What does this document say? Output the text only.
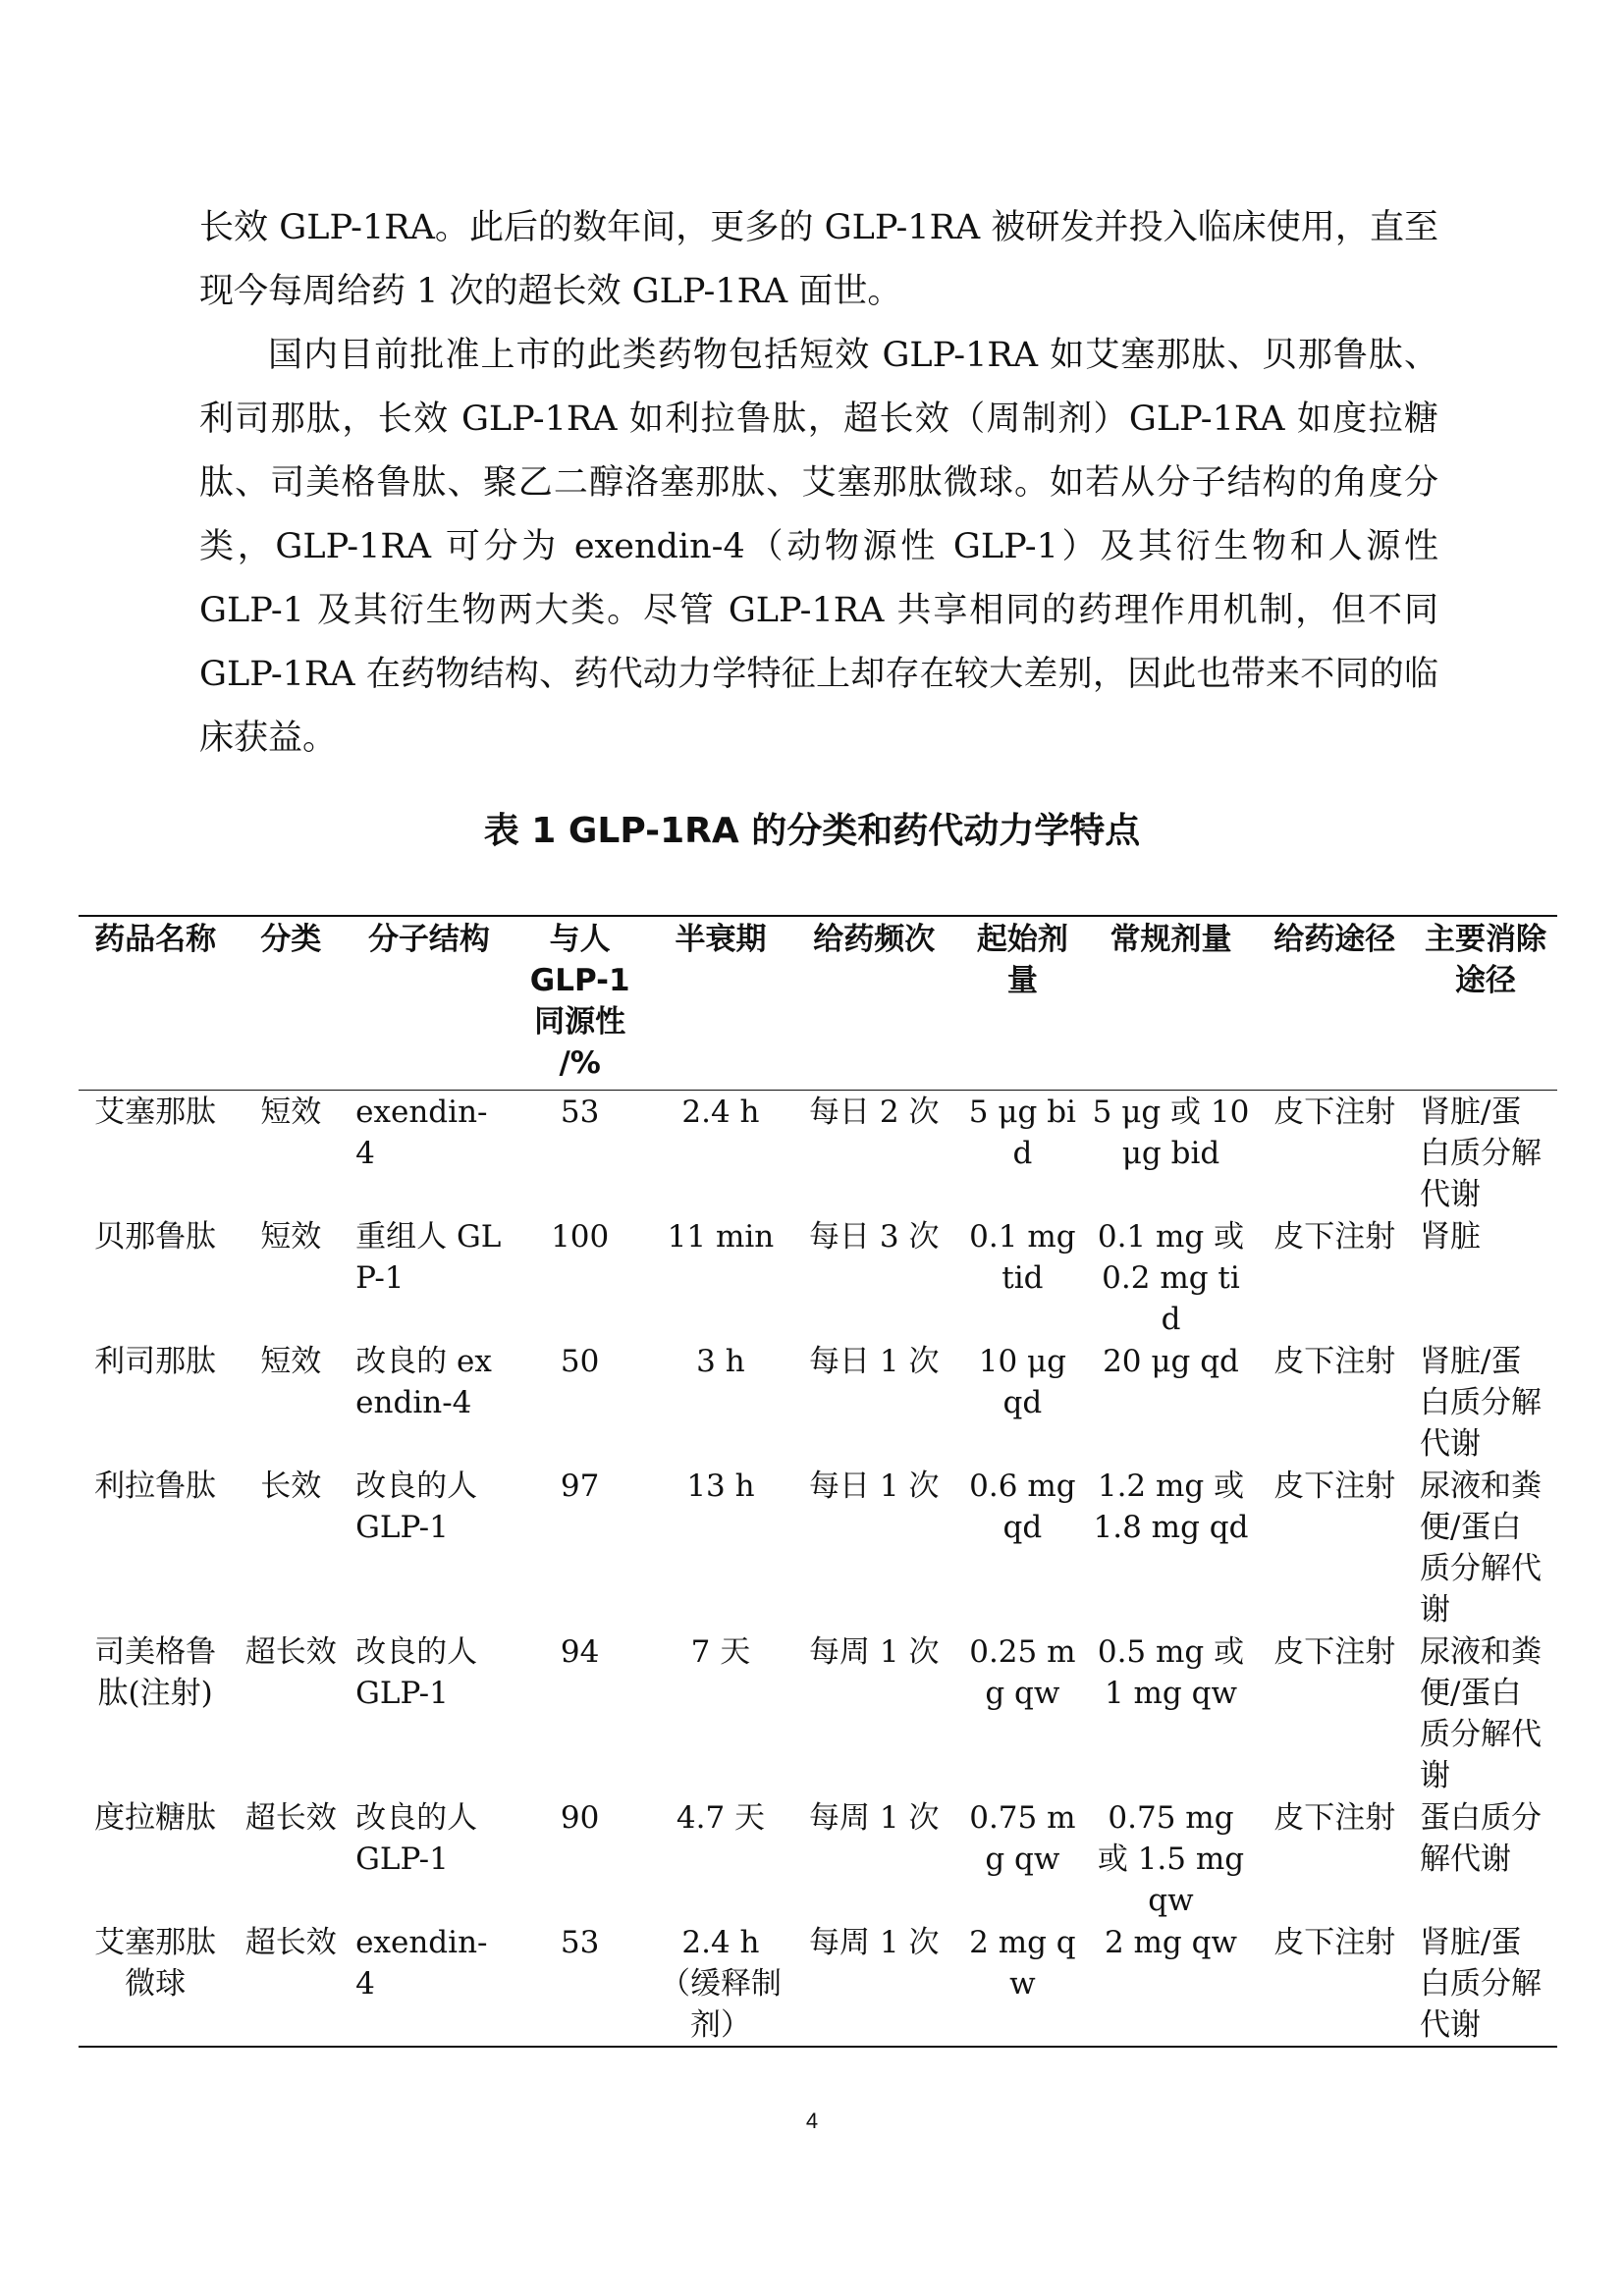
长效 GLP-1RA。此后的数年间，更多的 GLP-1RA 被研发并投入临床使用，直至现今每周给药 1 次的超长效 GLP-1RA 面世。

国内目前批准上市的此类药物包括短效 GLP-1RA 如艾塞那肽、贝那鲁肽、利司那肽，长效 GLP-1RA 如利拉鲁肽，超长效（周制剂）GLP-1RA 如度拉糖肽、司美格鲁肽、聚乙二醇洛塞那肽、艾塞那肽微球。如若从分子结构的角度分类，GLP-1RA 可分为 exendin-4（动物源性 GLP-1）及其衍生物和人源性 GLP-1 及其衍生物两大类。尽管 GLP-1RA 共享相同的药理作用机制，但不同 GLP-1RA 在药物结构、药代动力学特征上却存在较大差别，因此也带来不同的临床获益。

表 1 GLP-1RA 的分类和药代动力学特点
药品名称	分类	分子结构	与人 GLP-1 同源性 /%	半衰期	给药频次	起始剂量	常规剂量	给药途径	主要消除途径
艾塞那肽	短效	exendin-4	53	2.4 h	每日 2 次	5 μg bid	5 μg 或 10 μg bid	皮下注射	肾脏/蛋白质分解代谢
贝那鲁肽	短效	重组人 GLP-1	100	11 min	每日 3 次	0.1 mg tid	0.1 mg 或 0.2 mg tid	皮下注射	肾脏
利司那肽	短效	改良的 exendin-4	50	3 h	每日 1 次	10 μg qd	20 μg qd	皮下注射	肾脏/蛋白质分解代谢
利拉鲁肽	长效	改良的人 GLP-1	97	13 h	每日 1 次	0.6 mg qd	1.2 mg 或 1.8 mg qd	皮下注射	尿液和粪便/蛋白质分解代谢
司美格鲁肽(注射)	超长效	改良的人 GLP-1	94	7 天	每周 1 次	0.25 mg qw	0.5 mg 或 1 mg qw	皮下注射	尿液和粪便/蛋白质分解代谢
度拉糖肽	超长效	改良的人 GLP-1	90	4.7 天	每周 1 次	0.75 mg qw	0.75 mg 或 1.5 mg qw	皮下注射	蛋白质分解代谢
艾塞那肽微球	超长效	exendin-4	53	2.4 h（缓释制剂）	每周 1 次	2 mg qw	2 mg qw	皮下注射	肾脏/蛋白质分解代谢
4
